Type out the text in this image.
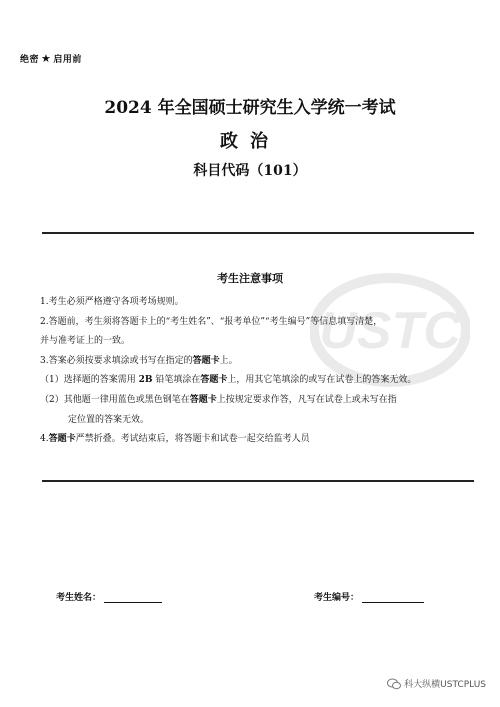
绝密 ★ 启用前
2024 年全国硕士研究生入学统一考试
政治
科目代码（101）
USTC
考生注意事项
1.考生必须严格遵守各项考场规则。
2.答题前，考生须将答题卡上的“考生姓名”、“报考单位”“考生编号”等信息填写清楚，
并与准考证上的一致。
3.答案必须按要求填涂或书写在指定的答题卡上。
（1）选择题的答案需用 2B 铅笔填涂在答题卡上，用其它笔填涂的或写在试卷上的答案无效。
（2）其他题一律用蓝色或黑色钢笔在答题卡上按规定要求作答，凡写在试卷上或未写在指
定位置的答案无效。
4.答题卡严禁折叠。考试结束后，将答题卡和试卷一起交给监考人员
考生姓名：	考生编号：
科大纵横USTCPLUS
